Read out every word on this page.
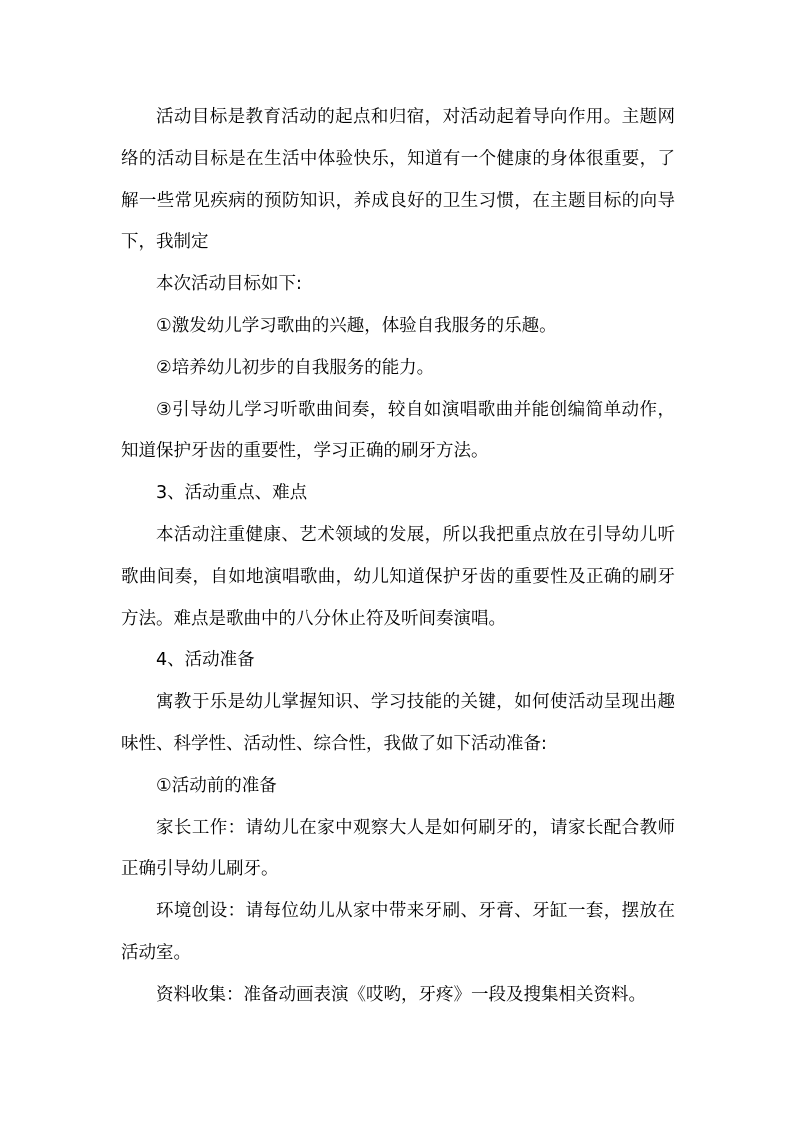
活动目标是教育活动的起点和归宿，对活动起着导向作用。主题网络的活动目标是在生活中体验快乐，知道有一个健康的身体很重要，了解一些常见疾病的预防知识，养成良好的卫生习惯，在主题目标的向导下，我制定

本次活动目标如下:

①激发幼儿学习歌曲的兴趣，体验自我服务的乐趣。

②培养幼儿初步的自我服务的能力。

③引导幼儿学习听歌曲间奏，较自如演唱歌曲并能创编简单动作，知道保护牙齿的重要性，学习正确的刷牙方法。

3、活动重点、难点

本活动注重健康、艺术领域的发展，所以我把重点放在引导幼儿听歌曲间奏，自如地演唱歌曲，幼儿知道保护牙齿的重要性及正确的刷牙方法。难点是歌曲中的八分休止符及听间奏演唱。

4、活动准备

寓教于乐是幼儿掌握知识、学习技能的关键，如何使活动呈现出趣味性、科学性、活动性、综合性，我做了如下活动准备:

①活动前的准备

家长工作：请幼儿在家中观察大人是如何刷牙的，请家长配合教师正确引导幼儿刷牙。

环境创设：请每位幼儿从家中带来牙刷、牙膏、牙缸一套，摆放在活动室。

资料收集：准备动画表演《哎哟，牙疼》一段及搜集相关资料。
